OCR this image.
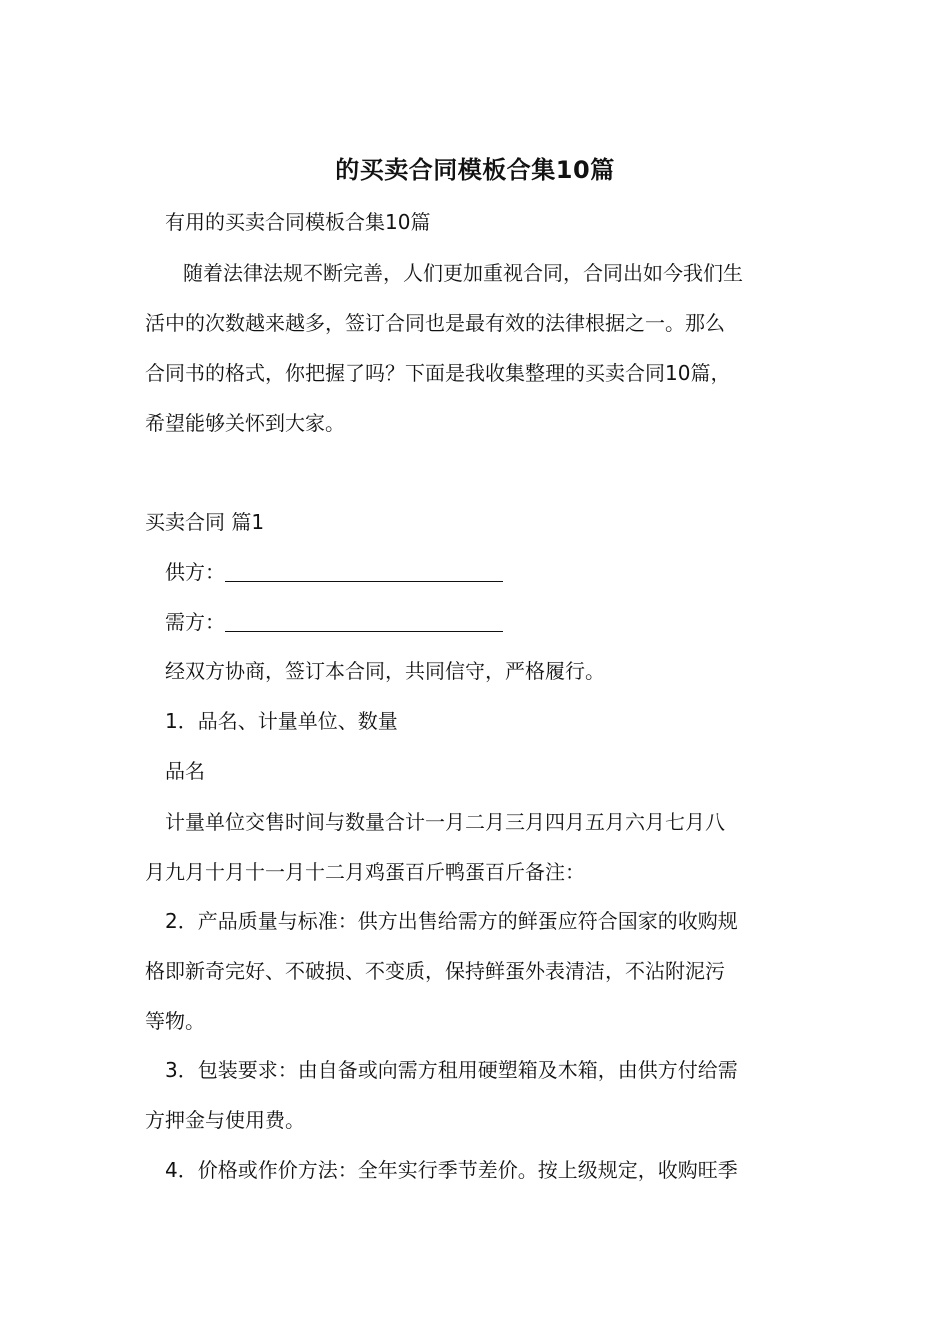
的买卖合同模板合集10篇
有用的买卖合同模板合集10篇
随着法律法规不断完善，人们更加重视合同，合同出如今我们生
活中的次数越来越多，签订合同也是最有效的法律根据之一。那么
合同书的格式，你把握了吗？下面是我收集整理的买卖合同10篇，
希望能够关怀到大家。
买卖合同 篇1
供方：
需方：
经双方协商，签订本合同，共同信守，严格履行。
1．品名、计量单位、数量
品名
计量单位交售时间与数量合计一月二月三月四月五月六月七月八
月九月十月十一月十二月鸡蛋百斤鸭蛋百斤备注：
2．产品质量与标准：供方出售给需方的鲜蛋应符合国家的收购规
格即新奇完好、不破损、不变质，保持鲜蛋外表清洁，不沾附泥污
等物。
3．包装要求：由自备或向需方租用硬塑箱及木箱，由供方付给需
方押金与使用费。
4．价格或作价方法：全年实行季节差价。按上级规定，收购旺季
